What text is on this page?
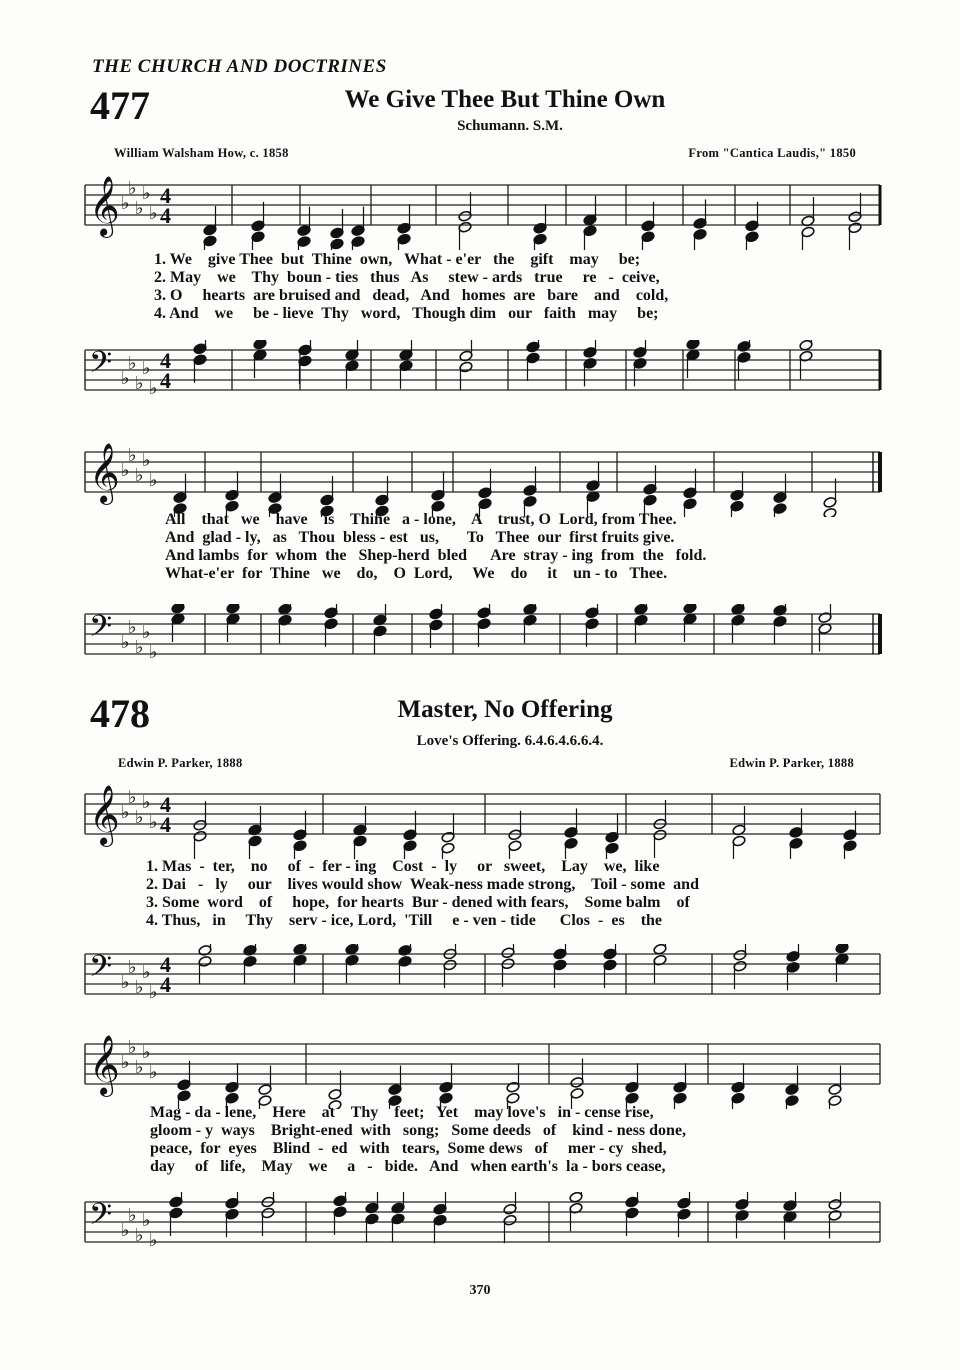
THE CHURCH AND DOCTRINES
477	We Give Thee But Thine Own
Schumann. S.M.
William Walsham How, c. 1858	From "Cantica Laudis," 1850
𝄞 ♭
♭
♭
♭
♭
4
4
𝄢 ♭
♭
♭
♭
♭
4
4
1. We    give Thee  but  Thine  own,   What - e'er   the    gift    may     be;
2. May    we    Thy  boun - ties   thus   As     stew - ards   true     re   -  ceive,
3. O     hearts  are bruised and   dead,   And   homes  are   bare    and    cold,
4. And    we     be - lieve  Thy   word,   Though dim   our   faith   may     be;
𝄞 ♭
♭
♭
♭
♭
𝄢 ♭
♭
♭
♭
♭
All    that   we    have    is    Thine   a - lone,    A    trust, O  Lord, from Thee.
And  glad - ly,   as   Thou  bless - est   us,       To   Thee  our  first fruits give.
And lambs  for  whom  the   Shep-herd  bled      Are  stray - ing  from  the   fold.
What-e'er  for  Thine   we    do,    O  Lord,     We    do     it    un - to   Thee.
478	Master, No Offering
Love's Offering. 6.4.6.4.6.6.4.
Edwin P. Parker, 1888	Edwin P. Parker, 1888
𝄞 ♭
♭
♭
♭
♭
4
4
𝄢 ♭
♭
♭
♭
♭
4
4
1. Mas  -  ter,    no     of  -  fer - ing    Cost  -  ly     or   sweet,    Lay    we,  like
2. Dai   -   ly     our    lives would show  Weak-ness made strong,    Toil - some  and
3. Some  word    of     hope,  for hearts  Bur - dened with fears,    Some balm    of
4. Thus,   in     Thy    serv - ice, Lord,  'Till     e - ven - tide      Clos  -  es    the
𝄞 ♭
♭
♭
♭
♭
𝄢 ♭
♭
♭
♭
♭
Mag - da - lene,    Here    at    Thy    feet;   Yet    may love's   in - cense rise,
gloom - y  ways    Bright-ened  with   song;   Some deeds   of    kind - ness done,
peace,  for  eyes    Blind  -  ed   with   tears,  Some dews   of     mer - cy  shed,
day     of   life,    May    we     a   -   bide.   And   when earth's  la - bors cease,
370
